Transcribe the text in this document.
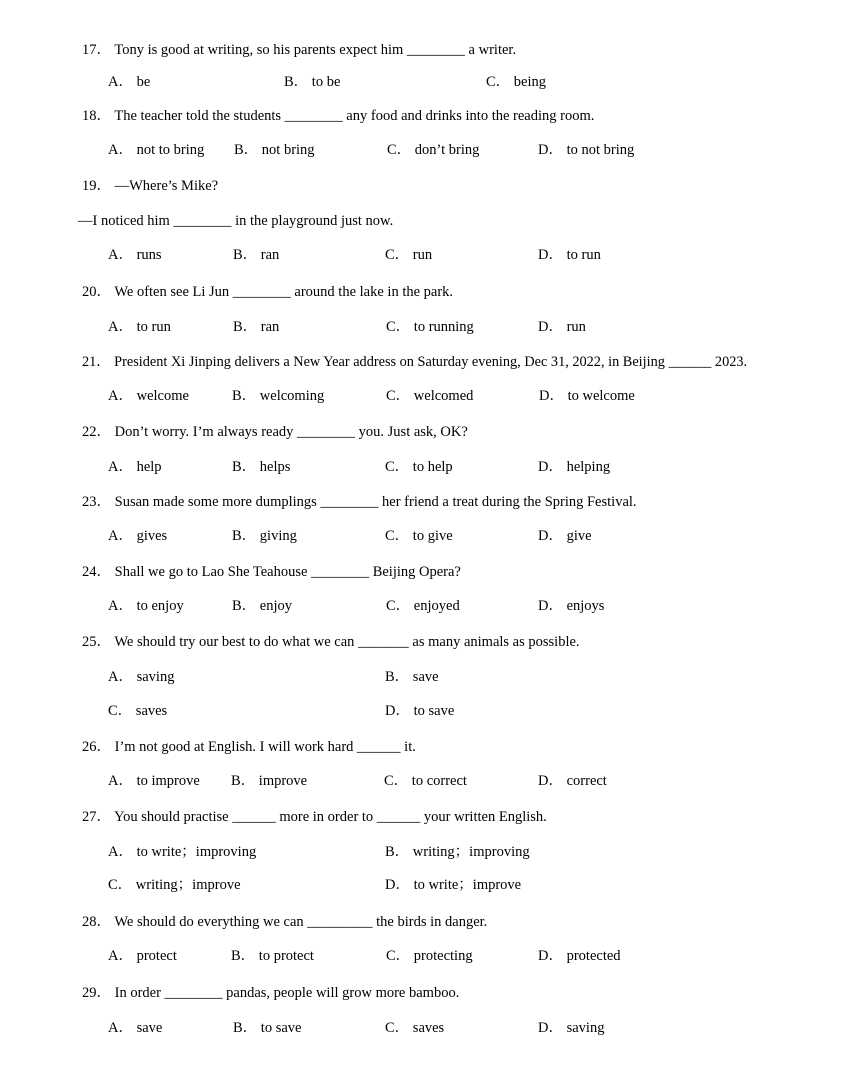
17． Tony is good at writing, so his parents expect him ________ a writer.
A． be	B． to be	C． being
18． The teacher told the students ________ any food and drinks into the reading room.
A． not to bring B． not bring	C． don’t bring	D． to not bring
19． —Where’s Mike?
—I noticed him ________ in the playground just now.
A． runs	B． ran	C． run	D． to run
20． We often see Li Jun ________ around the lake in the park.
A． to run	B． ran	C． to running	D． run
21． President Xi Jinping delivers a New Year address on Saturday evening, Dec 31, 2022, in Beijing ______ 2023.
A． welcome	B． welcoming	C． welcomed	D． to welcome
22． Don’t worry. I’m always ready ________ you. Just ask, OK?
A． help	B． helps	C． to help	D． helping
23． Susan made some more dumplings ________ her friend a treat during the Spring Festival.
A． gives	B． giving	C． to give	D． give
24． Shall we go to Lao She Teahouse ________ Beijing Opera?
A． to enjoy	B． enjoy	C． enjoyed	D． enjoys
25． We should try our best to do what we can _______ as many animals as possible.
A． saving	B． save
C． saves	D． to save
26． I’m not good at English. I will work hard ______ it.
A． to improve B． improve	C． to correct	D． correct
27． You should practise ______ more in order to ______ your written English.
A． to write；improving	B． writing；improving
C． writing；improve	D． to write；improve
28． We should do everything we can _________ the birds in danger.
A． protect	B． to protect	C． protecting	D． protected
29． In order ________ pandas, people will grow more bamboo.
A． save	B． to save	C． saves	D． saving
